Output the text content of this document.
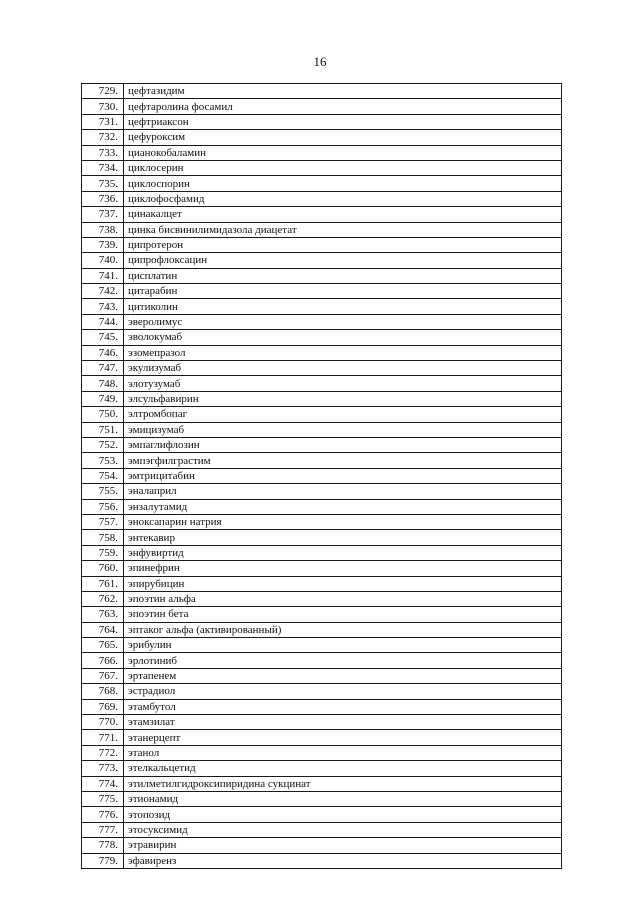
16
729.	цефтазидим
730.	цефтаролина фосамил
731.	цефтриаксон
732.	цефуроксим
733.	цианокобаламин
734.	циклосерин
735.	циклоспорин
736.	циклофосфамид
737.	цинакалцет
738.	цинка бисвинилимидазола диацетат
739.	ципротерон
740.	ципрофлоксацин
741.	цисплатин
742.	цитарабин
743.	цитиколин
744.	эверолимус
745.	эволокумаб
746.	эзомепразол
747.	экулизумаб
748.	элотузумаб
749.	элсульфавирин
750.	элтромбопаг
751.	эмицизумаб
752.	эмпаглифлозин
753.	эмпэгфилграстим
754.	эмтрицитабин
755.	эналаприл
756.	энзалутамид
757.	эноксапарин натрия
758.	энтекавир
759.	энфувиртид
760.	эпинефрин
761.	эпирубицин
762.	эпоэтин альфа
763.	эпоэтин бета
764.	эптаког альфа (активированный)
765.	эрибулин
766.	эрлотиниб
767.	эртапенем
768.	эстрадиол
769.	этамбутол
770.	этамзилат
771.	этанерцепт
772.	этанол
773.	этелкальцетид
774.	этилметилгидроксипиридина сукцинат
775.	этионамид
776.	этопозид
777.	этосуксимид
778.	этравирин
779.	эфавиренз
